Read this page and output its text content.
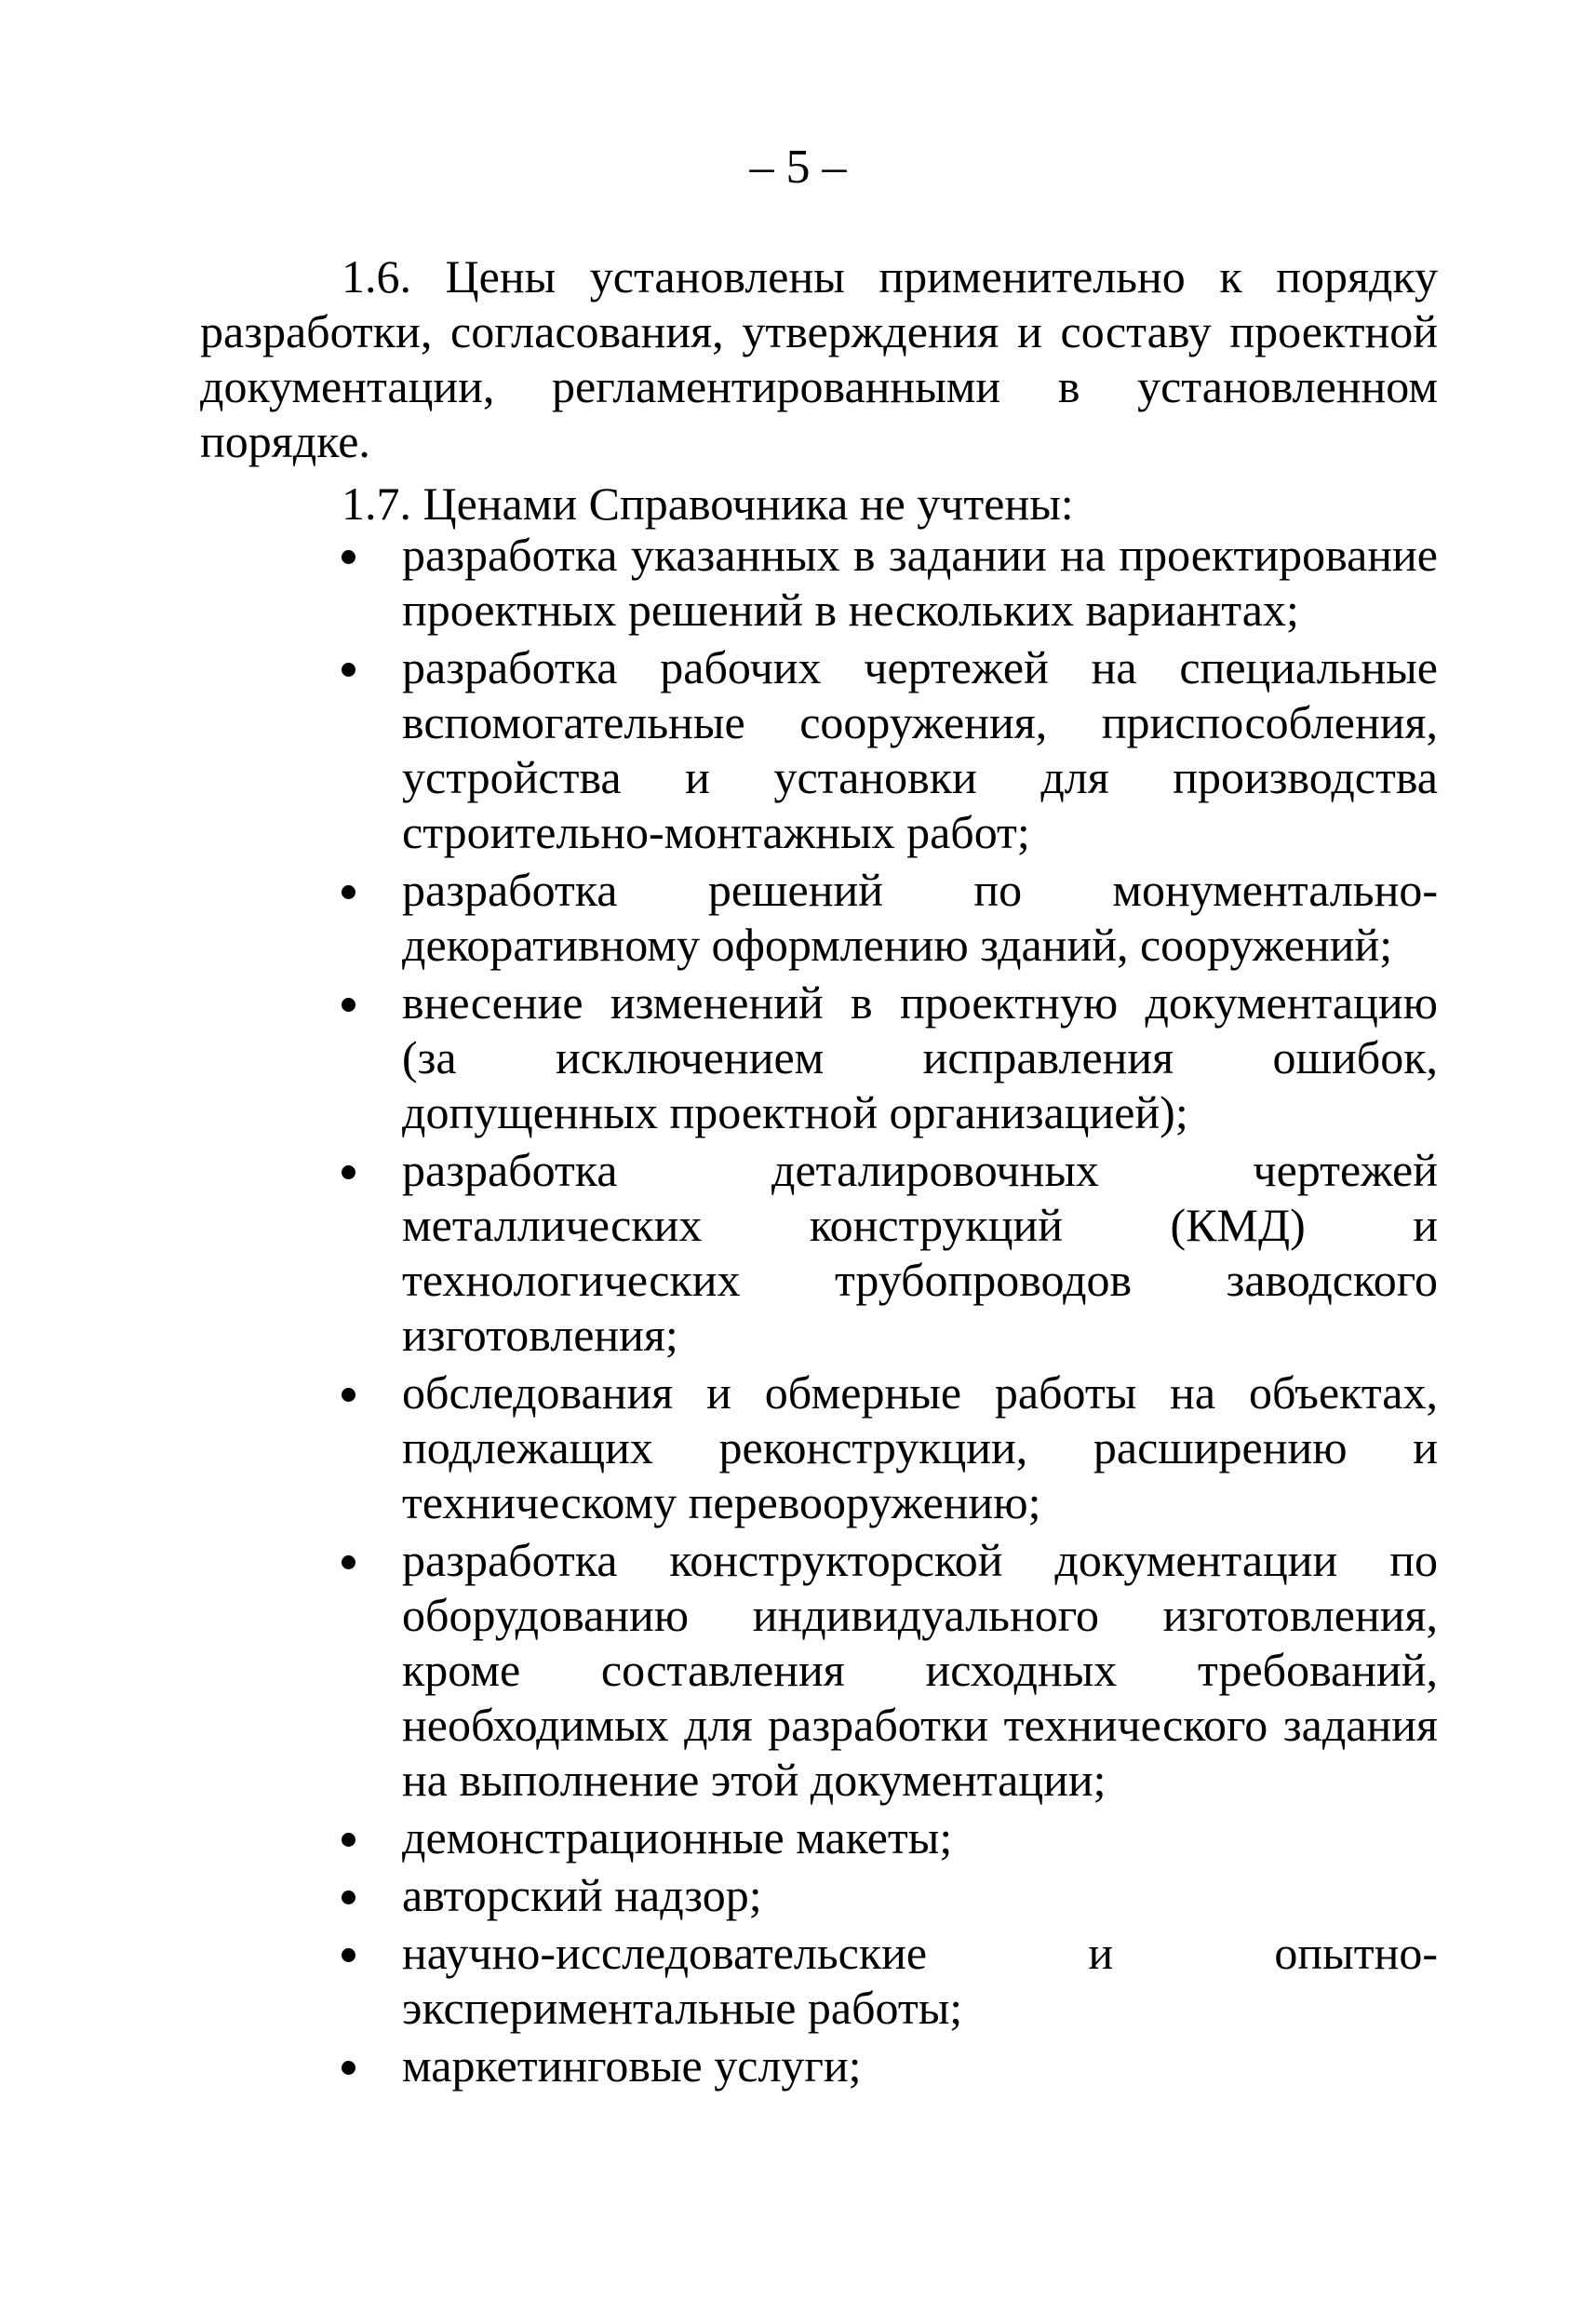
– 5 –

1.6. Цены установлены применительно к порядку разработки, согласования, утверждения и составу проектной документации, регламентированными в установленном порядке.

1.7. Ценами Справочника не учтены:

разработка указанных в задании на проектирование проектных решений в нескольких вариантах;
разработка рабочих чертежей на специальные вспомогательные сооружения, приспособления, устройства и установки для производства строительно-монтажных работ;
разработка решений по монументально-декоративному оформлению зданий, сооружений;
внесение изменений в проектную документацию (за исключением исправления ошибок, допущенных проектной организацией);
разработка деталировочных чертежей металлических конструкций (КМД) и технологических трубопроводов заводского изготовления;
обследования и обмерные работы на объектах, подлежащих реконструкции, расширению и техническому перевооружению;
разработка конструкторской документации по оборудованию индивидуального изготовления, кроме составления исходных требований, необходимых для разработки технического задания на выполнение этой документации;
демонстрационные макеты;
авторский надзор;
научно-исследовательские и опытно-экспериментальные работы;
маркетинговые услуги;
